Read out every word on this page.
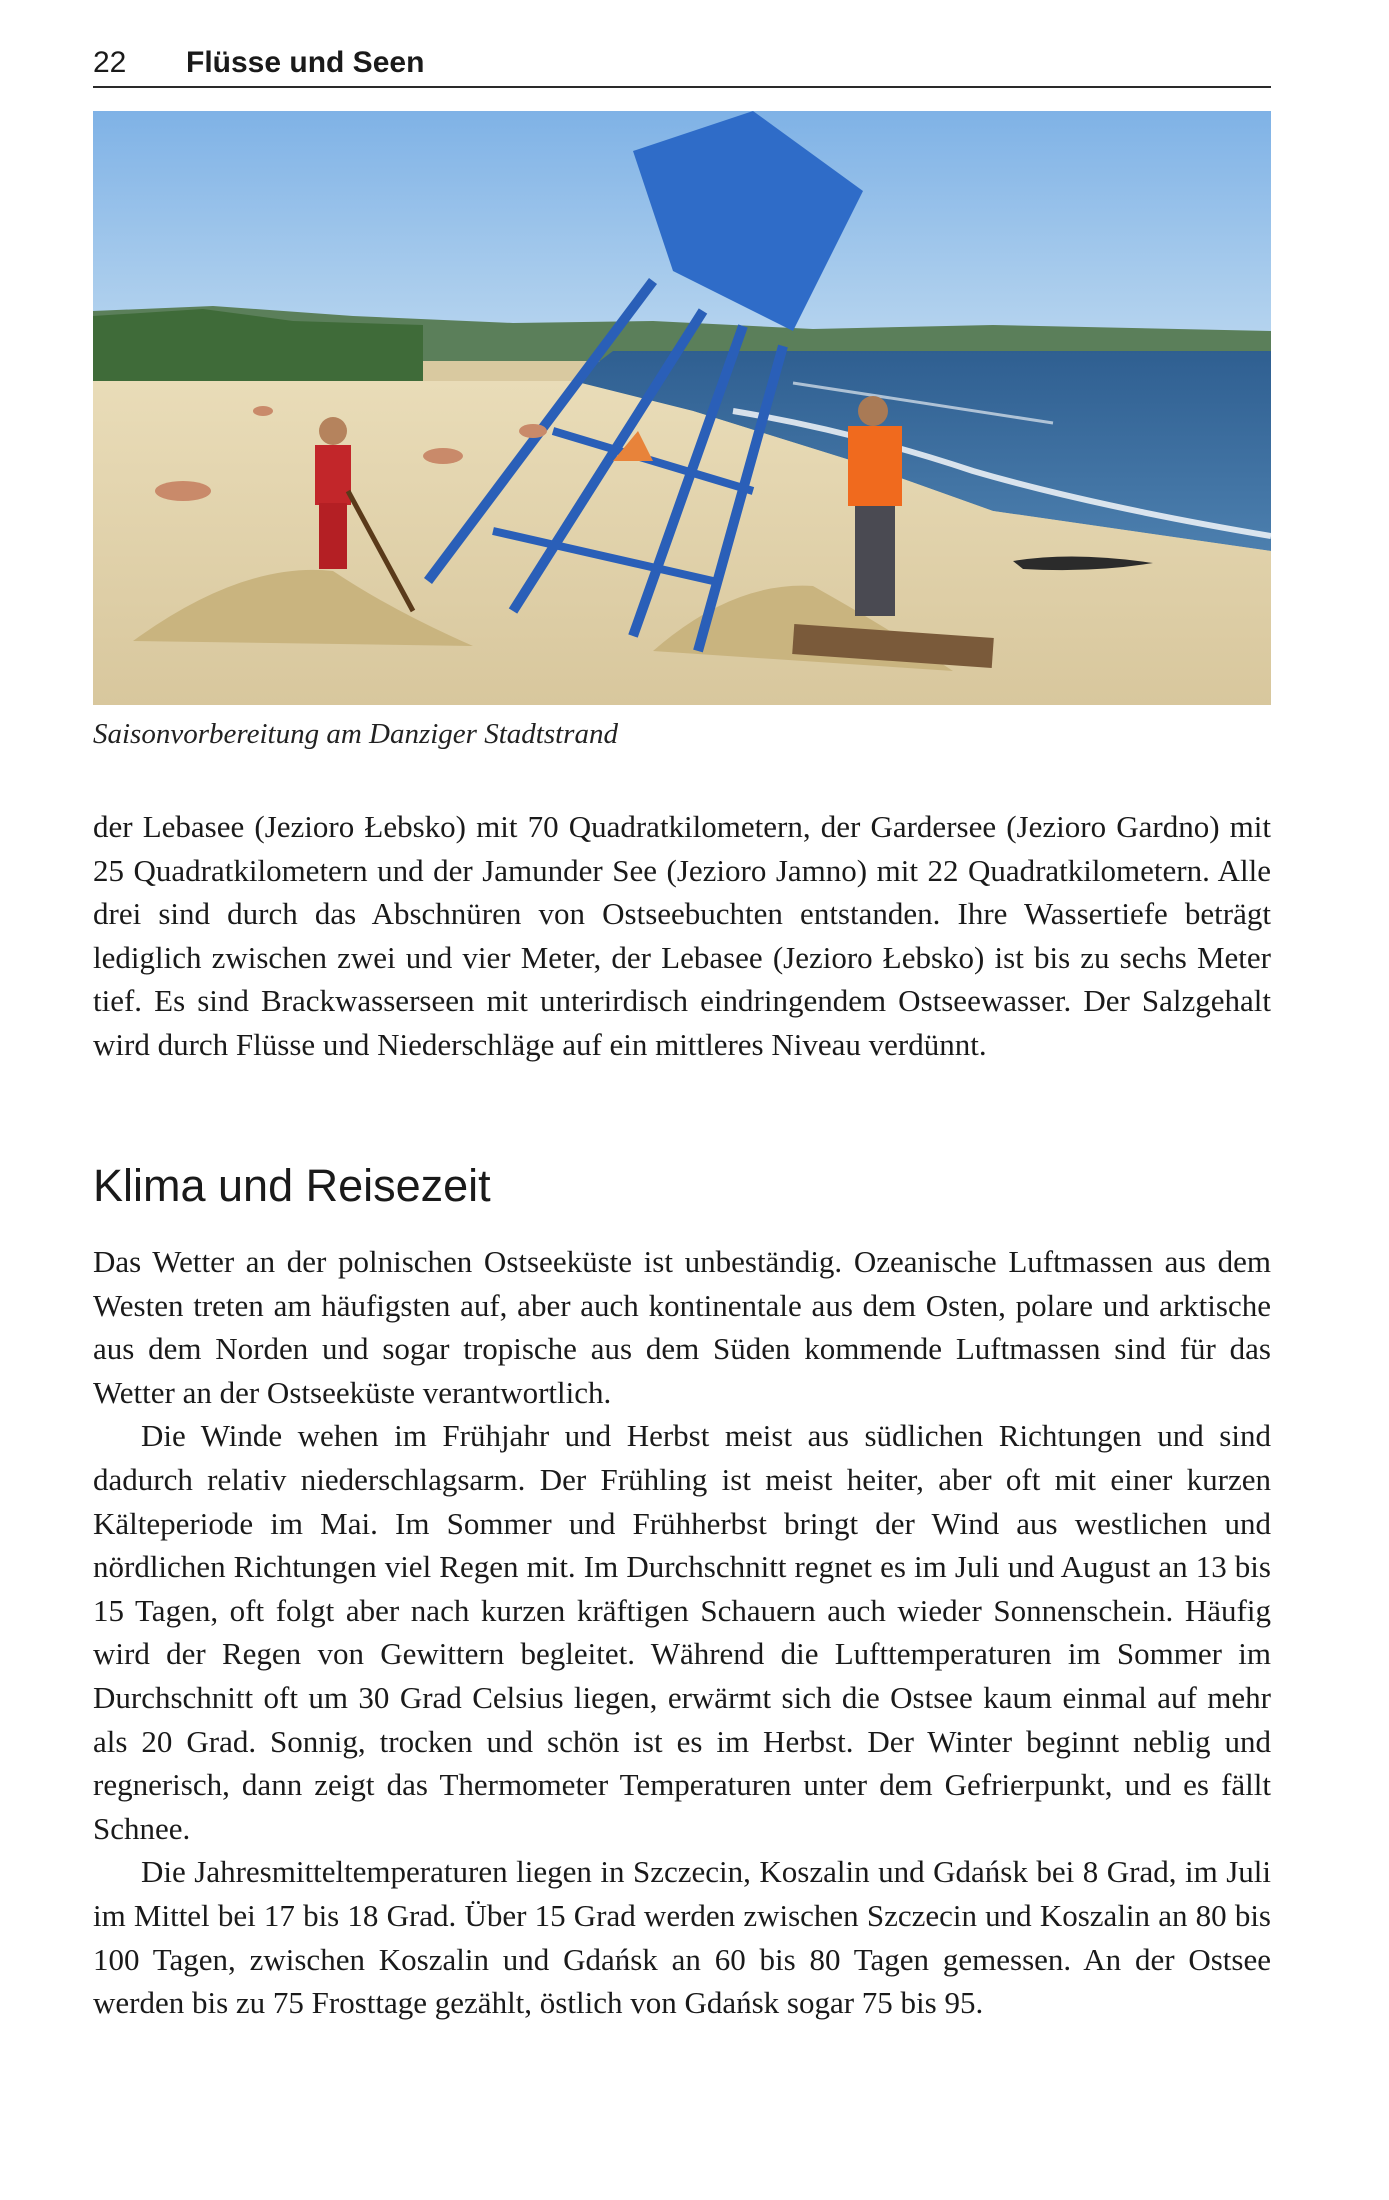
22 Flüsse und Seen
Saisonvorbereitung am Danziger Stadtstrand

der Lebasee (Jezioro Łebsko) mit 70 Quadratkilometern, der Gardersee (Jezioro Gardno) mit 25 Quadratkilometern und der Jamunder See (Jezioro Jamno) mit 22 Quadratkilometern. Alle drei sind durch das Abschnüren von Ostseebuchten entstanden. Ihre Wassertiefe beträgt lediglich zwischen zwei und vier Meter, der Lebasee (Jezioro Łebsko) ist bis zu sechs Meter tief. Es sind Brackwasserseen mit unterirdisch eindringendem Ostseewasser. Der Salzgehalt wird durch Flüsse und Niederschläge auf ein mittleres Niveau verdünnt.

Klima und Reisezeit

Das Wetter an der polnischen Ostseeküste ist unbeständig. Ozeanische Luftmassen aus dem Westen treten am häufigsten auf, aber auch kontinentale aus dem Osten, polare und arktische aus dem Norden und sogar tropische aus dem Süden kommende Luftmassen sind für das Wetter an der Ostseeküste verantwortlich.

Die Winde wehen im Frühjahr und Herbst meist aus südlichen Richtungen und sind dadurch relativ niederschlagsarm. Der Frühling ist meist heiter, aber oft mit einer kurzen Kälteperiode im Mai. Im Sommer und Frühherbst bringt der Wind aus westlichen und nördlichen Richtungen viel Regen mit. Im Durchschnitt regnet es im Juli und August an 13 bis 15 Tagen, oft folgt aber nach kurzen kräftigen Schauern auch wieder Sonnenschein. Häufig wird der Regen von Gewittern begleitet. Während die Lufttemperaturen im Sommer im Durchschnitt oft um 30 Grad Celsius liegen, erwärmt sich die Ostsee kaum einmal auf mehr als 20 Grad. Sonnig, trocken und schön ist es im Herbst. Der Winter beginnt neblig und regnerisch, dann zeigt das Thermometer Temperaturen unter dem Gefrierpunkt, und es fällt Schnee.

Die Jahresmitteltemperaturen liegen in Szczecin, Koszalin und Gdańsk bei 8 Grad, im Juli im Mittel bei 17 bis 18 Grad. Über 15 Grad werden zwischen Szczecin und Koszalin an 80 bis 100 Tagen, zwischen Koszalin und Gdańsk an 60 bis 80 Tagen gemessen. An der Ostsee werden bis zu 75 Frosttage gezählt, östlich von Gdańsk sogar 75 bis 95.
